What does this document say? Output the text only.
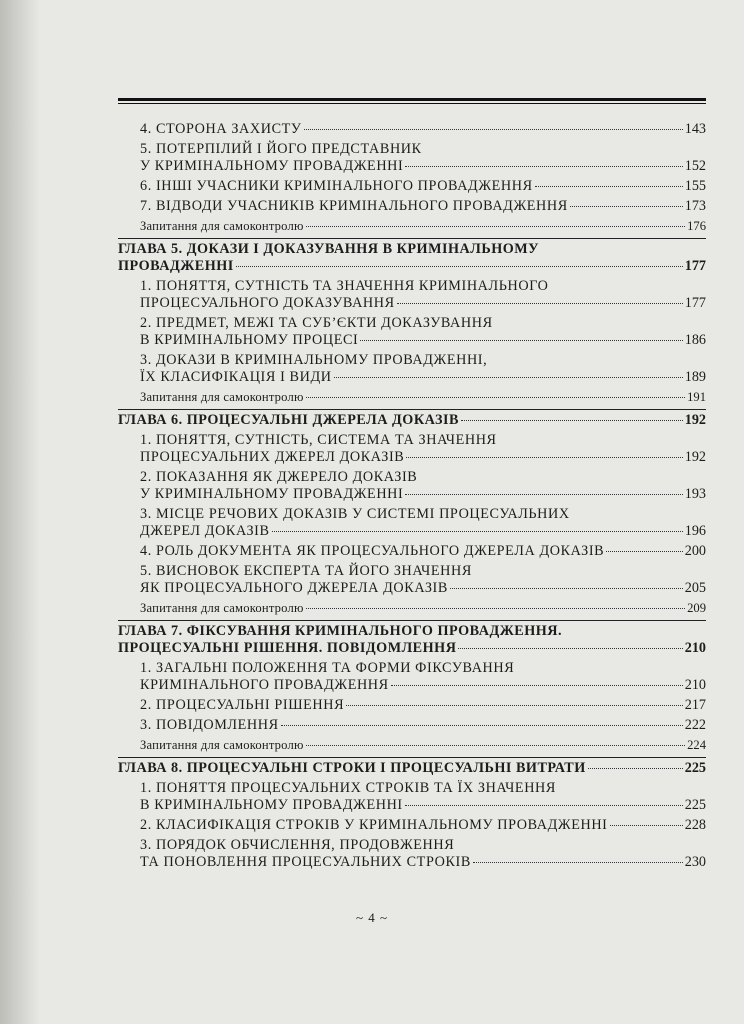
4. СТОРОНА ЗАХИСТУ	143
5. ПОТЕРПІЛИЙ І ЙОГО ПРЕДСТАВНИК
У КРИМІНАЛЬНОМУ ПРОВАДЖЕННІ	152
6. ІНШІ УЧАСНИКИ КРИМІНАЛЬНОГО ПРОВАДЖЕННЯ	155
7. ВІДВОДИ УЧАСНИКІВ КРИМІНАЛЬНОГО ПРОВАДЖЕННЯ	173
Запитання для самоконтролю	176
ГЛАВА 5. ДОКАЗИ І ДОКАЗУВАННЯ В КРИМІНАЛЬНОМУ
ПРОВАДЖЕННІ	177
1. ПОНЯТТЯ, СУТНІСТЬ ТА ЗНАЧЕННЯ КРИМІНАЛЬНОГО
ПРОЦЕСУАЛЬНОГО ДОКАЗУВАННЯ	177
2. ПРЕДМЕТ, МЕЖІ ТА СУБ’ЄКТИ ДОКАЗУВАННЯ
В КРИМІНАЛЬНОМУ ПРОЦЕСІ	186
3. ДОКАЗИ В КРИМІНАЛЬНОМУ ПРОВАДЖЕННІ,
ЇХ КЛАСИФІКАЦІЯ І ВИДИ	189
Запитання для самоконтролю	191
ГЛАВА 6. ПРОЦЕСУАЛЬНІ ДЖЕРЕЛА ДОКАЗІВ	192
1. ПОНЯТТЯ, СУТНІСТЬ, СИСТЕМА ТА ЗНАЧЕННЯ
ПРОЦЕСУАЛЬНИХ ДЖЕРЕЛ ДОКАЗІВ	192
2. ПОКАЗАННЯ ЯК ДЖЕРЕЛО ДОКАЗІВ
У КРИМІНАЛЬНОМУ ПРОВАДЖЕННІ	193
3. МІСЦЕ РЕЧОВИХ ДОКАЗІВ У СИСТЕМІ ПРОЦЕСУАЛЬНИХ
ДЖЕРЕЛ ДОКАЗІВ	196
4. РОЛЬ ДОКУМЕНТА ЯК ПРОЦЕСУАЛЬНОГО ДЖЕРЕЛА ДОКАЗІВ	200
5. ВИСНОВОК ЕКСПЕРТА ТА ЙОГО ЗНАЧЕННЯ
ЯК ПРОЦЕСУАЛЬНОГО ДЖЕРЕЛА ДОКАЗІВ	205
Запитання для самоконтролю	209
ГЛАВА 7. ФІКСУВАННЯ КРИМІНАЛЬНОГО ПРОВАДЖЕННЯ.
ПРОЦЕСУАЛЬНІ РІШЕННЯ. ПОВІДОМЛЕННЯ	210
1. ЗАГАЛЬНІ ПОЛОЖЕННЯ ТА ФОРМИ ФІКСУВАННЯ
КРИМІНАЛЬНОГО ПРОВАДЖЕННЯ	210
2. ПРОЦЕСУАЛЬНІ РІШЕННЯ	217
3. ПОВІДОМЛЕННЯ	222
Запитання для самоконтролю	224
ГЛАВА 8. ПРОЦЕСУАЛЬНІ СТРОКИ І ПРОЦЕСУАЛЬНІ ВИТРАТИ	225
1. ПОНЯТТЯ ПРОЦЕСУАЛЬНИХ СТРОКІВ ТА ЇХ ЗНАЧЕННЯ
В КРИМІНАЛЬНОМУ ПРОВАДЖЕННІ	225
2. КЛАСИФІКАЦІЯ СТРОКІВ У КРИМІНАЛЬНОМУ ПРОВАДЖЕННІ	228
3. ПОРЯДОК ОБЧИСЛЕННЯ, ПРОДОВЖЕННЯ
ТА ПОНОВЛЕННЯ ПРОЦЕСУАЛЬНИХ СТРОКІВ	230
~ 4 ~
